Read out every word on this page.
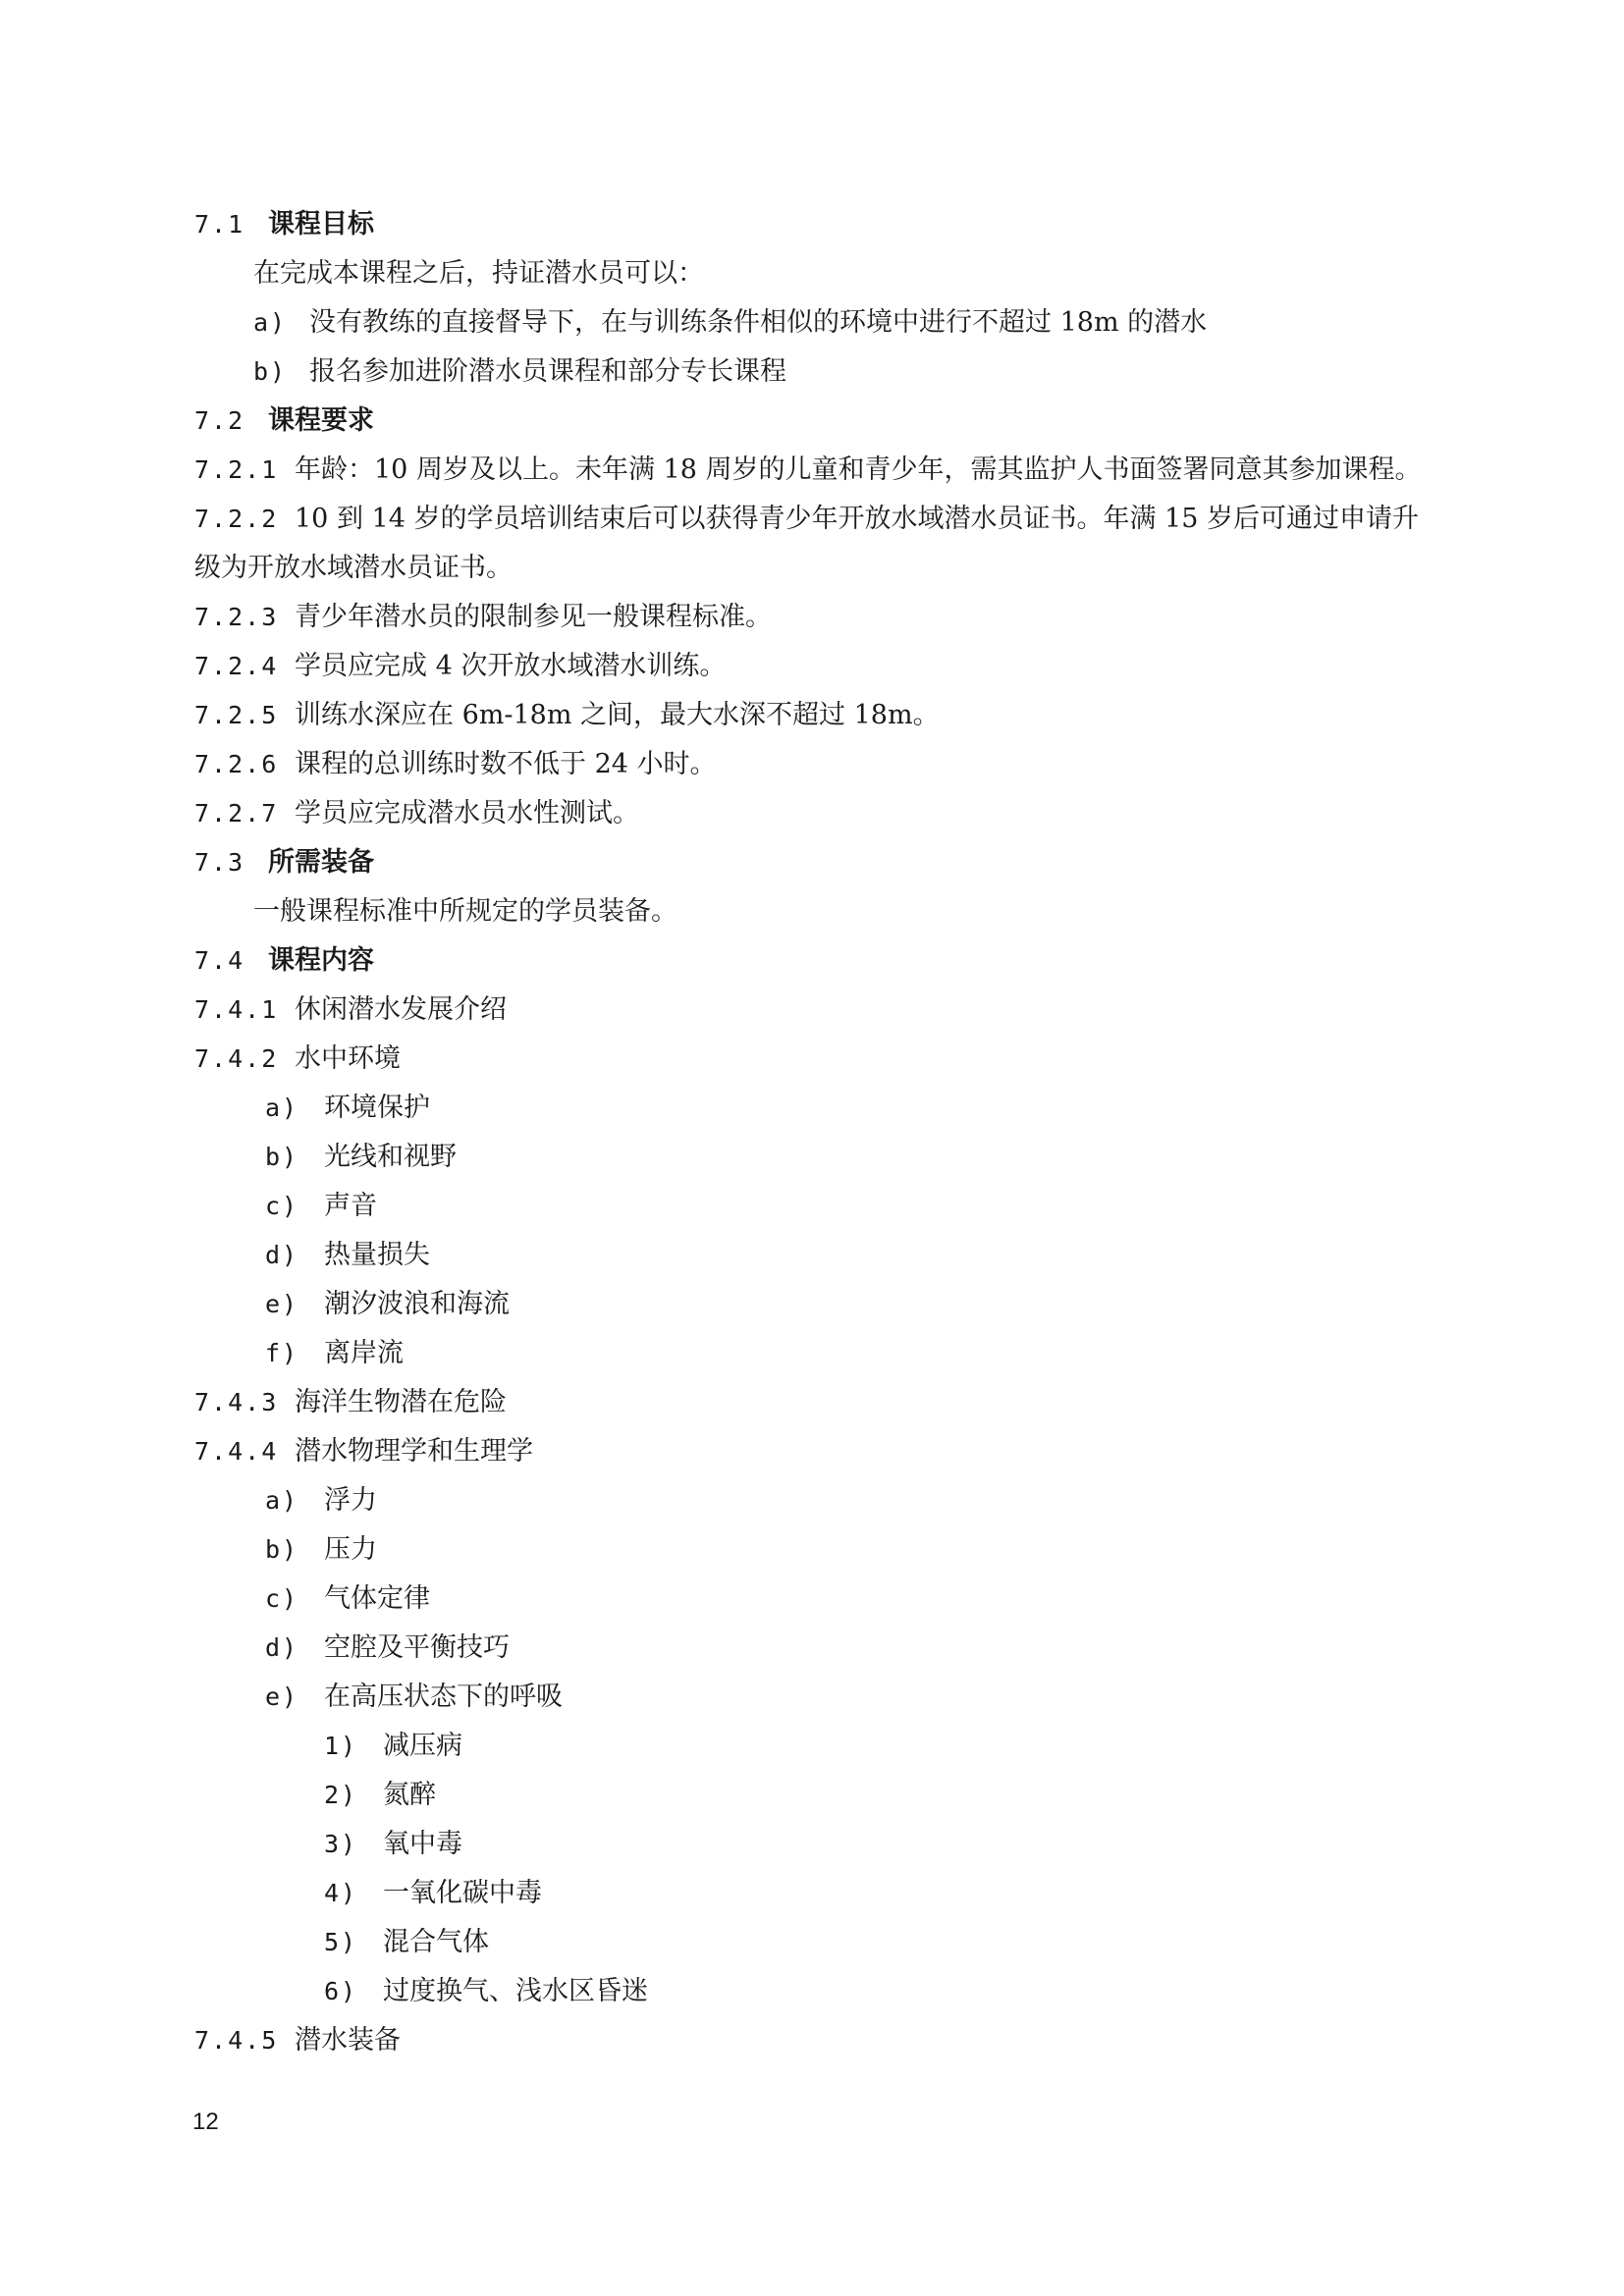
7.1 课程目标
在完成本课程之后，持证潜水员可以：
a) 没有教练的直接督导下，在与训练条件相似的环境中进行不超过 18m 的潜水
b) 报名参加进阶潜水员课程和部分专长课程
7.2 课程要求
7.2.1 年龄：10 周岁及以上。未年满 18 周岁的儿童和青少年，需其监护人书面签署同意其参加课程。
7.2.2 10 到 14 岁的学员培训结束后可以获得青少年开放水域潜水员证书。年满 15 岁后可通过申请升
级为开放水域潜水员证书。
7.2.3 青少年潜水员的限制参见一般课程标准。
7.2.4 学员应完成 4 次开放水域潜水训练。
7.2.5 训练水深应在 6m-18m 之间，最大水深不超过 18m。
7.2.6 课程的总训练时数不低于 24 小时。
7.2.7 学员应完成潜水员水性测试。
7.3 所需装备
一般课程标准中所规定的学员装备。
7.4 课程内容
7.4.1 休闲潜水发展介绍
7.4.2 水中环境
a) 环境保护
b) 光线和视野
c) 声音
d) 热量损失
e) 潮汐波浪和海流
f) 离岸流
7.4.3 海洋生物潜在危险
7.4.4 潜水物理学和生理学
a) 浮力
b) 压力
c) 气体定律
d) 空腔及平衡技巧
e) 在高压状态下的呼吸
1) 减压病
2) 氮醉
3) 氧中毒
4) 一氧化碳中毒
5) 混合气体
6) 过度换气、浅水区昏迷
7.4.5 潜水装备
12
